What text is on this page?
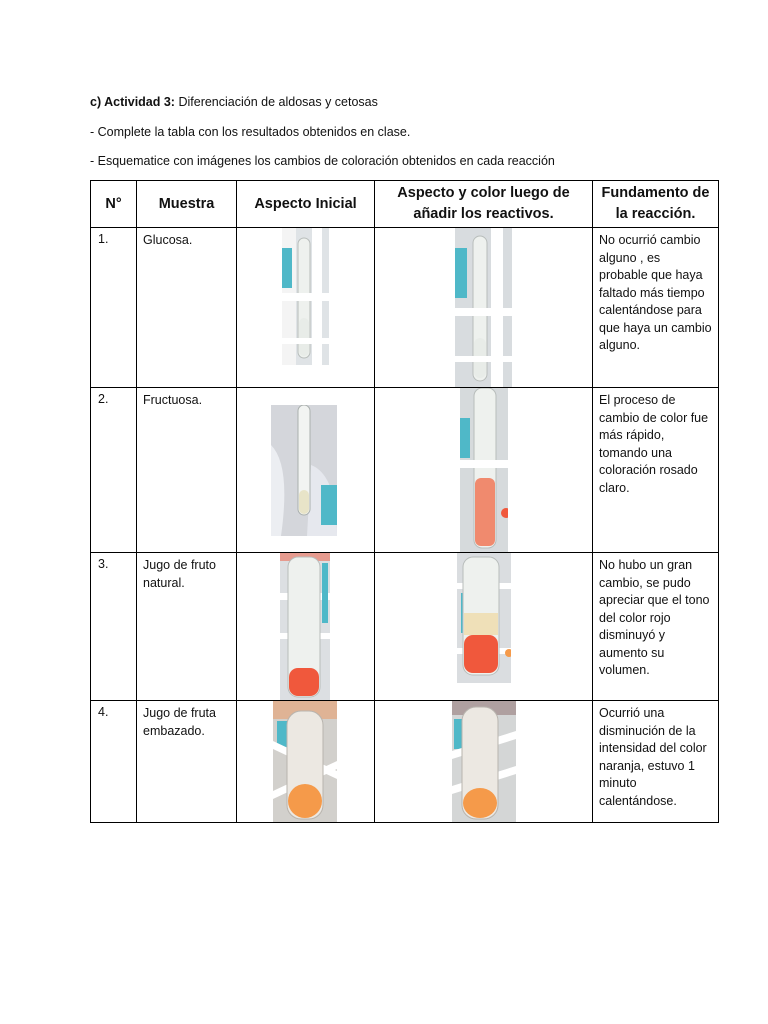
c) Actividad 3: Diferenciación de aldosas y cetosas
- Complete la tabla con los resultados obtenidos en clase.
- Esquematice con imágenes los cambios de coloración obtenidos en cada reacción
N°	Muestra	Aspecto Inicial	Aspecto y color luego de añadir los reactivos.	Fundamento de la reacción.

1.	Glucosa.			No ocurrió cambio alguno , es probable que haya faltado más tiempo calentándose para que haya un cambio alguno.

2.	Fructuosa.			El proceso de cambio de color fue más rápido, tomando una coloración rosado claro.

3.	Jugo de fruto natural.			No hubo un gran cambio, se pudo apreciar que el tono del color rojo disminuyó y aumento su volumen.

4.	Jugo de fruta embazado.			Ocurrió una disminución de la intensidad del color naranja, estuvo 1 minuto calentándose.
